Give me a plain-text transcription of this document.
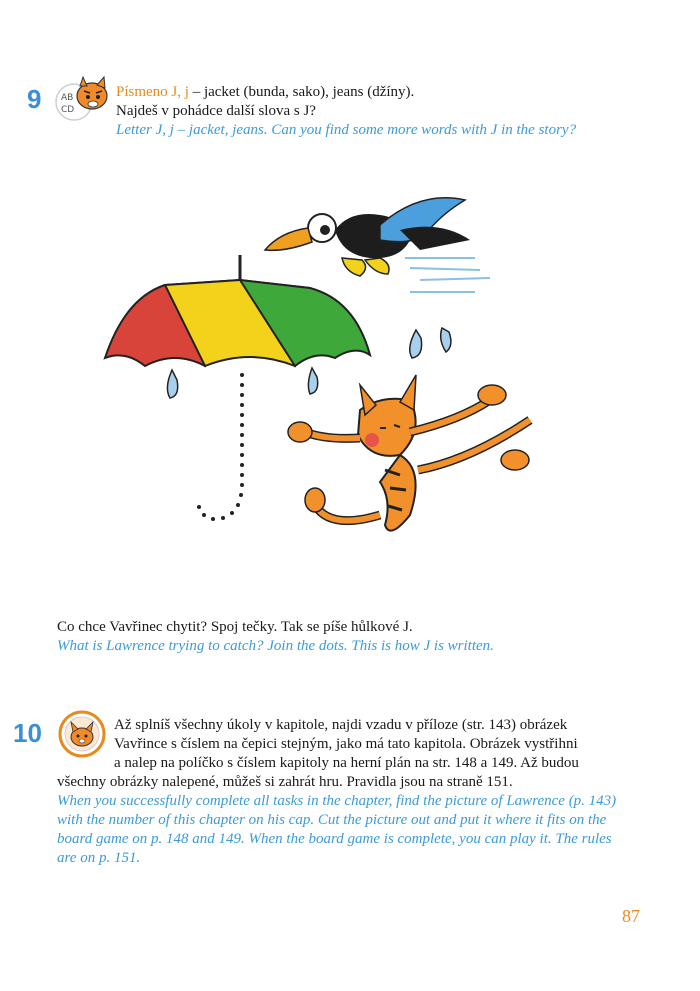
9 AB
CD
Písmeno J, j – jacket (bunda, sako), jeans (džíny).
Najdeš v pohádce další slova s J?
Letter J, j – jacket, jeans. Can you find some more words with J in the story?
Co chce Vavřinec chytit? Spoj tečky. Tak se píše hůlkové J.
What is Lawrence trying to catch? Join the dots. This is how J is written.
10	Až splníš všechny úkoly v kapitole, najdi vzadu v příloze (str. 143) obrázek
Vavřince s číslem na čepici stejným, jako má tato kapitola. Obrázek vystřihni
a nalep na políčko s číslem kapitoly na herní plán na str. 148 a 149. Až budou
všechny obrázky nalepené, můžeš si zahrát hru. Pravidla jsou na straně 151.
When you successfully complete all tasks in the chapter, find the picture of Lawrence (p. 143)
with the number of this chapter on his cap. Cut the picture out and put it where it fits on the
board game on p. 148 and 149. When the board game is complete, you can play it. The rules
are on p. 151.
87
